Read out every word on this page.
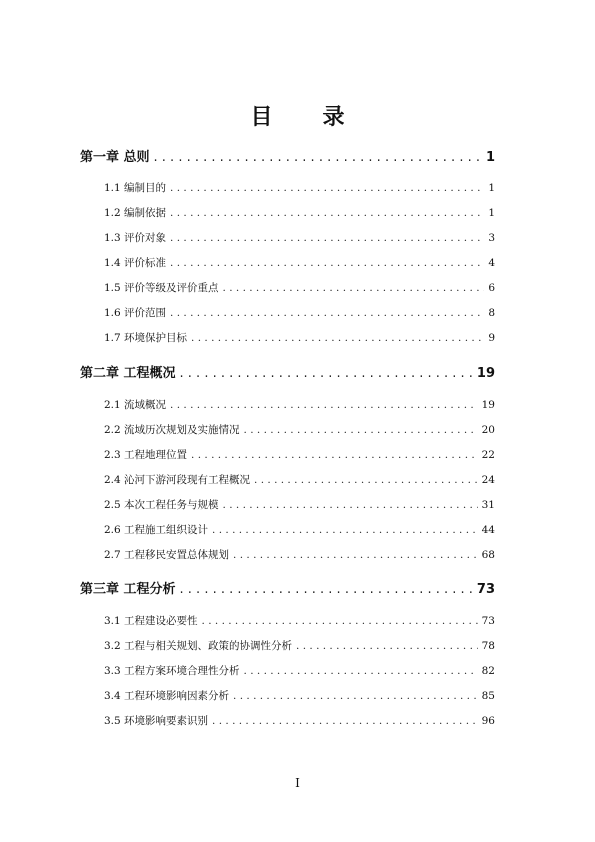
目　录
第一章 总则 . . .	1
1.1 编制目的 . . .	1
1.2 编制依据 . . .	1
1.3 评价对象 . . .	3
1.4 评价标准 . . .	4
1.5 评价等级及评价重点 . . .	6
1.6 评价范围 . . .	8
1.7 环境保护目标 . . .	9
第二章 工程概况 . . .	19
2.1 流域概况 . . .	19
2.2 流域历次规划及实施情况 . . .	20
2.3 工程地理位置 . . .	22
2.4 沁河下游河段现有工程概况 . . .	24
2.5 本次工程任务与规模 . . .	31
2.6 工程施工组织设计 . . .	44
2.7 工程移民安置总体规划 . . .	68
第三章 工程分析 . . .	73
3.1 工程建设必要性 . . .	73
3.2 工程与相关规划、政策的协调性分析 . . .	78
3.3 工程方案环境合理性分析 . . .	82
3.4 工程环境影响因素分析 . . .	85
3.5 环境影响要素识别 . . .	96
I
